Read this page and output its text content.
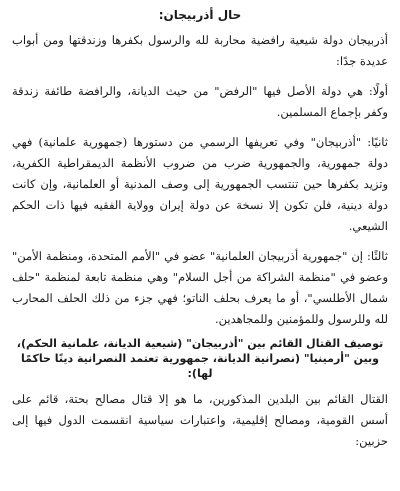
حال أذربيجان:

أذربيجان دولة شيعية رافضية محاربة لله والرسول بكفرها وزندقتها ومن أبواب عديدة جدًا:

أولًا: هي دولة الأصل فيها "الرفض" من حيث الديانة، والرافضة طائفة زندقة وكفر بإجماع المسلمين.

ثانيًا: "أذربيجان" وفي تعريفها الرسمي من دستورها (جمهورية علمانية) فهي دولة جمهورية، والجمهورية ضرب من ضروب الأنظمة الديمقراطية الكفرية، وتزيد بكفرها حين تنتسب الجمهورية إلى وصف المدنية أو العلمانية، وإن كانت دولة دينية، فلن تكون إلا نسخة عن دولة إيران وولاية الفقيه فيها ذات الحكم الشيعي.

ثالثًا: إن "جمهورية أذربيجان العلمانية" عضو في "الأمم المتحدة، ومنظمة الأمن" وعضو في "منظمة الشراكة من أجل السلام" وهي منظمة تابعة لمنظمة "حلف شمال الأطلسي"، أو ما يعرف بحلف الناتو؛ فهي جزء من ذلك الحلف المحارب لله وللرسول وللمؤمنين وللمجاهدين.

توصيف القتال القائم بين "أذربيجان" (شيعية الديانة، علمانية الحكم)، وبين "أرمينيا" (نصرانية الديانة، جمهورية تعتمد النصرانية دينًا حاكمًا لها):

القتال القائم بين البلدين المذكورين، ما هو إلا قتال مصالح بحتة، قائم على أسس القومية، ومصالح إقليمية، واعتبارات سياسية انقسمت الدول فيها إلى حزبين:
